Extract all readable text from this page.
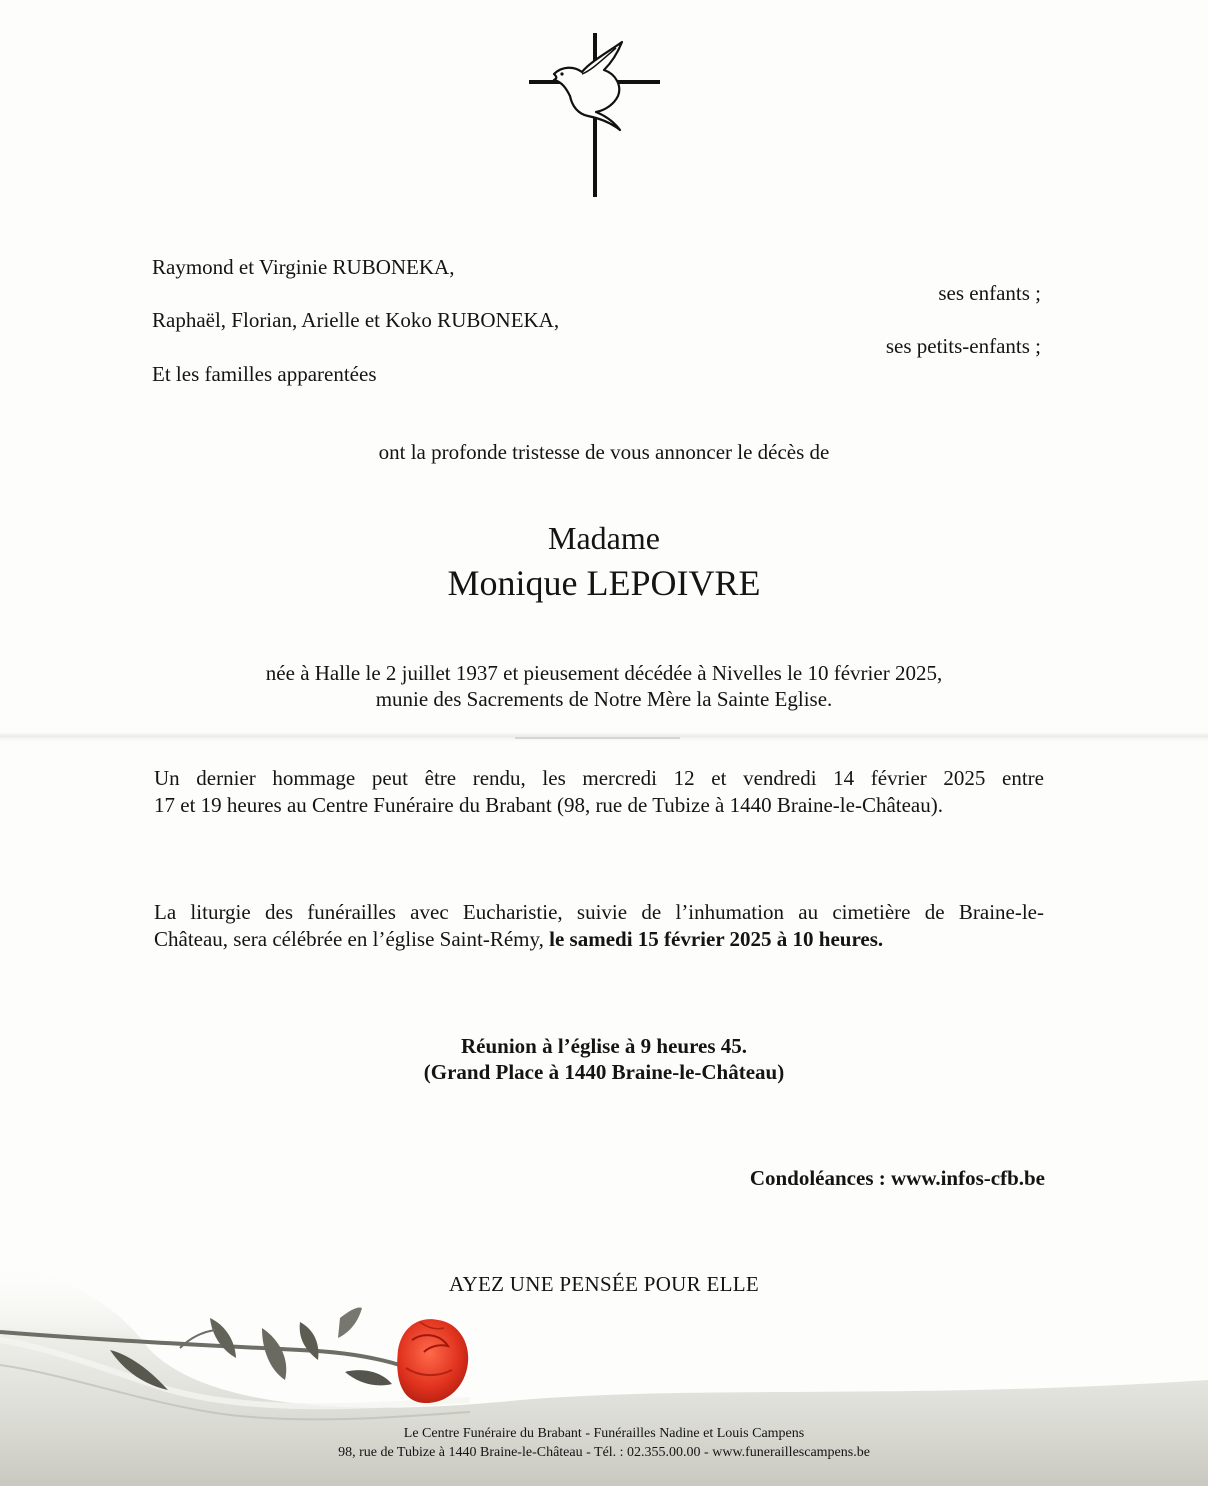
Raymond et Virginie RUBONEKA,
ses enfants ;
Raphaël, Florian, Arielle et Koko RUBONEKA,
ses petits-enfants ;
Et les familles apparentées
ont la profonde tristesse de vous annoncer le décès de
Madame
Monique LEPOIVRE
née à Halle le 2 juillet 1937 et pieusement décédée à Nivelles le 10 février 2025,
munie des Sacrements de Notre Mère la Sainte Eglise.
Un dernier hommage peut être rendu, les mercredi 12 et vendredi 14 février 2025 entre
17 et 19 heures au Centre Funéraire du Brabant (98, rue de Tubize à 1440 Braine-le-Château).
La liturgie des funérailles avec Eucharistie, suivie de l’inhumation au cimetière de Braine-le-
Château, sera célébrée en l’église Saint-Rémy, le samedi 15 février 2025 à 10 heures.
Réunion à l’église à 9 heures 45.
(Grand Place à 1440 Braine-le-Château)
Condoléances : www.infos-cfb.be
AYEZ UNE PENSÉE POUR ELLE
Le Centre Funéraire du Brabant - Funérailles Nadine et Louis Campens
98, rue de Tubize à 1440 Braine-le-Château - Tél. : 02.355.00.00 - www.funeraillescampens.be
